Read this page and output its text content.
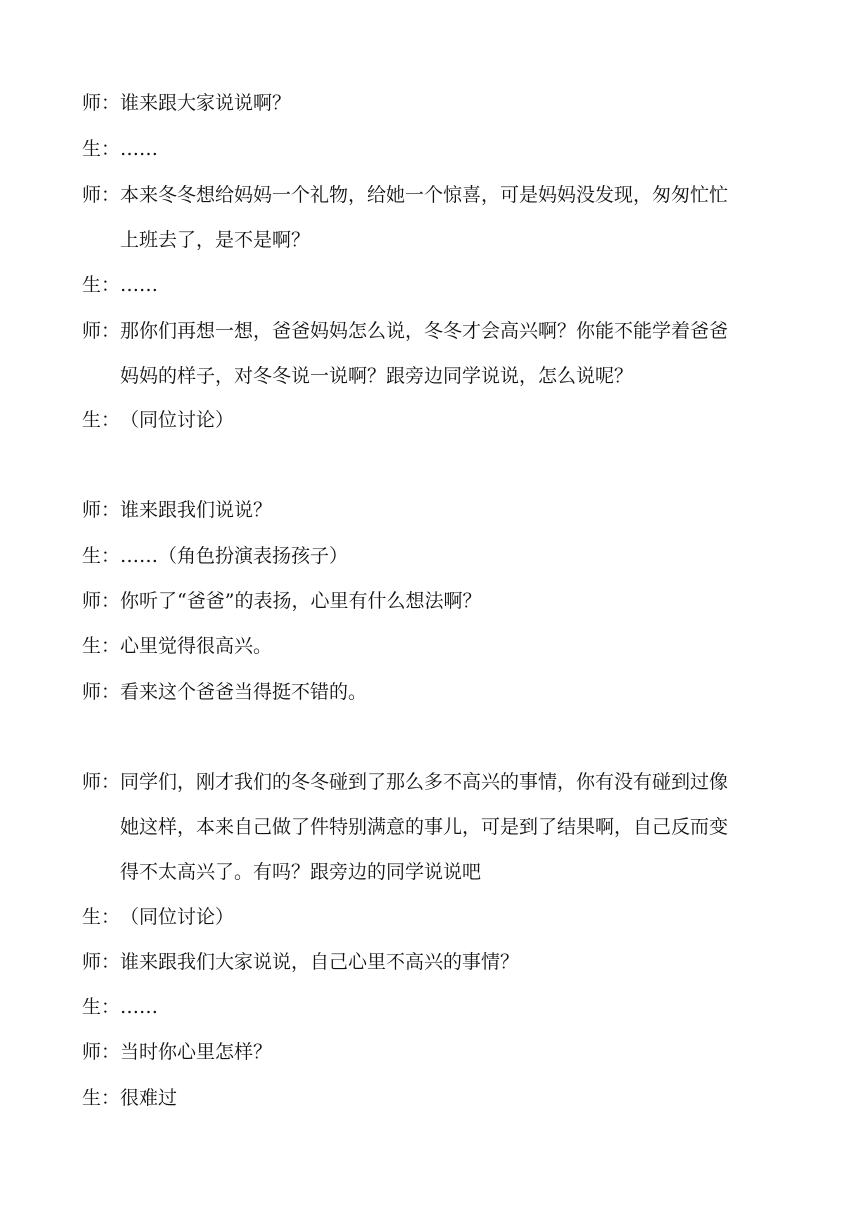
师：谁来跟大家说说啊？
生：……
师：本来冬冬想给妈妈一个礼物，给她一个惊喜，可是妈妈没发现，匆匆忙忙
上班去了，是不是啊？
生：……
师：那你们再想一想，爸爸妈妈怎么说，冬冬才会高兴啊？你能不能学着爸爸
妈妈的样子，对冬冬说一说啊？跟旁边同学说说，怎么说呢？
生：（同位讨论）
师：谁来跟我们说说？
生：……（角色扮演表扬孩子）
师：你听了“爸爸”的表扬，心里有什么想法啊？
生：心里觉得很高兴。
师：看来这个爸爸当得挺不错的。
师：同学们，刚才我们的冬冬碰到了那么多不高兴的事情，你有没有碰到过像
她这样，本来自己做了件特别满意的事儿，可是到了结果啊，自己反而变
得不太高兴了。有吗？跟旁边的同学说说吧
生：（同位讨论）
师：谁来跟我们大家说说，自己心里不高兴的事情？
生：……
师：当时你心里怎样？
生：很难过
